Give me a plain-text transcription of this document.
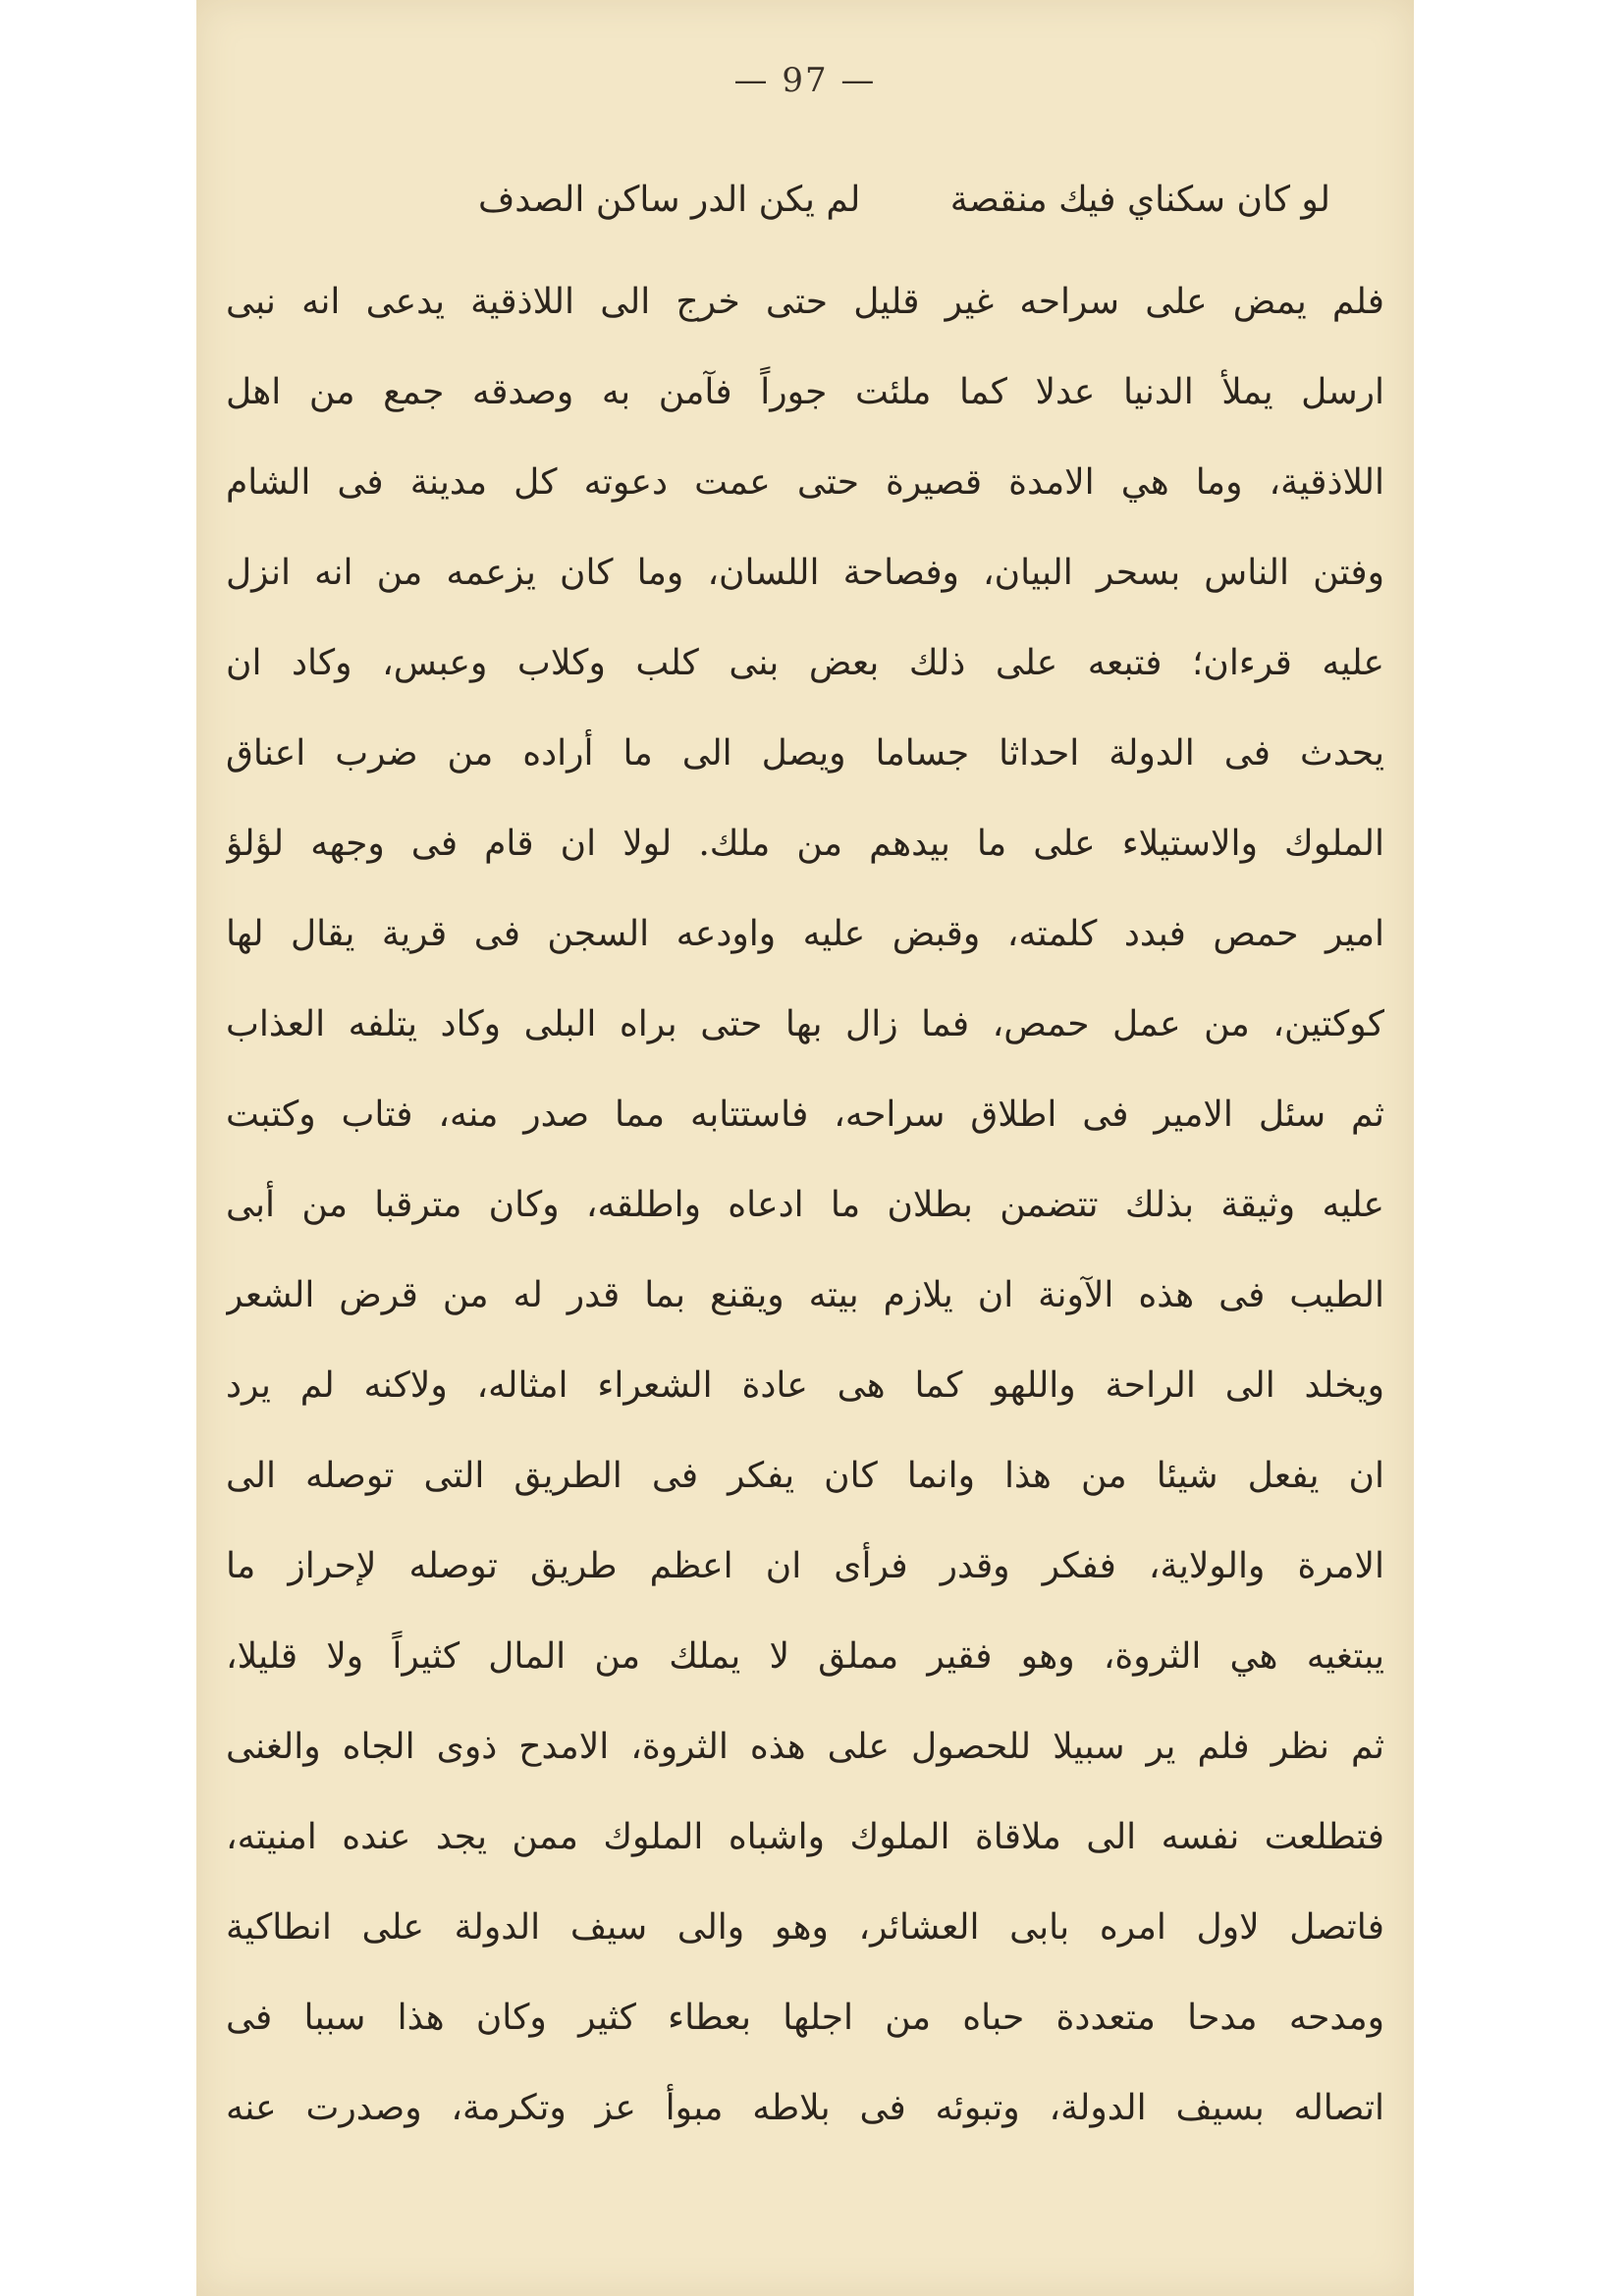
— 97 —
لو كان سكناي فيك منقصة لم يكن الدر ساكن الصدف
فلم يمض على سراحه غير قليل حتى خرج الى اللاذقية يدعى انه نبى
ارسل يملأ الدنيا عدلا كما ملئت جوراً فآمن به وصدقه جمع من اهل
اللاذقية، وما هي الامدة قصيرة حتى عمت دعوته كل مدينة فى الشام
وفتن الناس بسحر البيان، وفصاحة اللسان، وما كان يزعمه من انه انزل
عليه قرءان؛ فتبعه على ذلك بعض بنى كلب وكلاب وعبس، وكاد ان
يحدث فى الدولة احداثا جساما ويصل الى ما أراده من ضرب اعناق
الملوك والاستيلاء على ما بيدهم من ملك. لولا ان قام فى وجهه لؤلؤ
امير حمص فبدد كلمته، وقبض عليه واودعه السجن فى قرية يقال لها
كوكتين، من عمل حمص، فما زال بها حتى براه البلى وكاد يتلفه العذاب
ثم سئل الامير فى اطلاق سراحه، فاستتابه مما صدر منه، فتاب وكتبت
عليه وثيقة بذلك تتضمن بطلان ما ادعاه واطلقه، وكان مترقبا من أبى
الطيب فى هذه الآونة ان يلازم بيته ويقنع بما قدر له من قرض الشعر
ويخلد الى الراحة واللهو كما هى عادة الشعراء امثاله، ولاكنه لم يرد
ان يفعل شيئا من هذا وانما كان يفكر فى الطريق التى توصله الى
الامرة والولاية، ففكر وقدر فرأى ان اعظم طريق توصله لإحراز ما
يبتغيه هي الثروة، وهو فقير مملق لا يملك من المال كثيراً ولا قليلا،
ثم نظر فلم ير سبيلا للحصول على هذه الثروة، الامدح ذوى الجاه والغنى
فتطلعت نفسه الى ملاقاة الملوك واشباه الملوك ممن يجد عنده امنيته،
فاتصل لاول امره بابى العشائر، وهو والى سيف الدولة على انطاكية
ومدحه مدحا متعددة حباه من اجلها بعطاء كثير وكان هذا سببا فى
اتصاله بسيف الدولة، وتبوئه فى بلاطه مبوأ عز وتكرمة، وصدرت عنه
